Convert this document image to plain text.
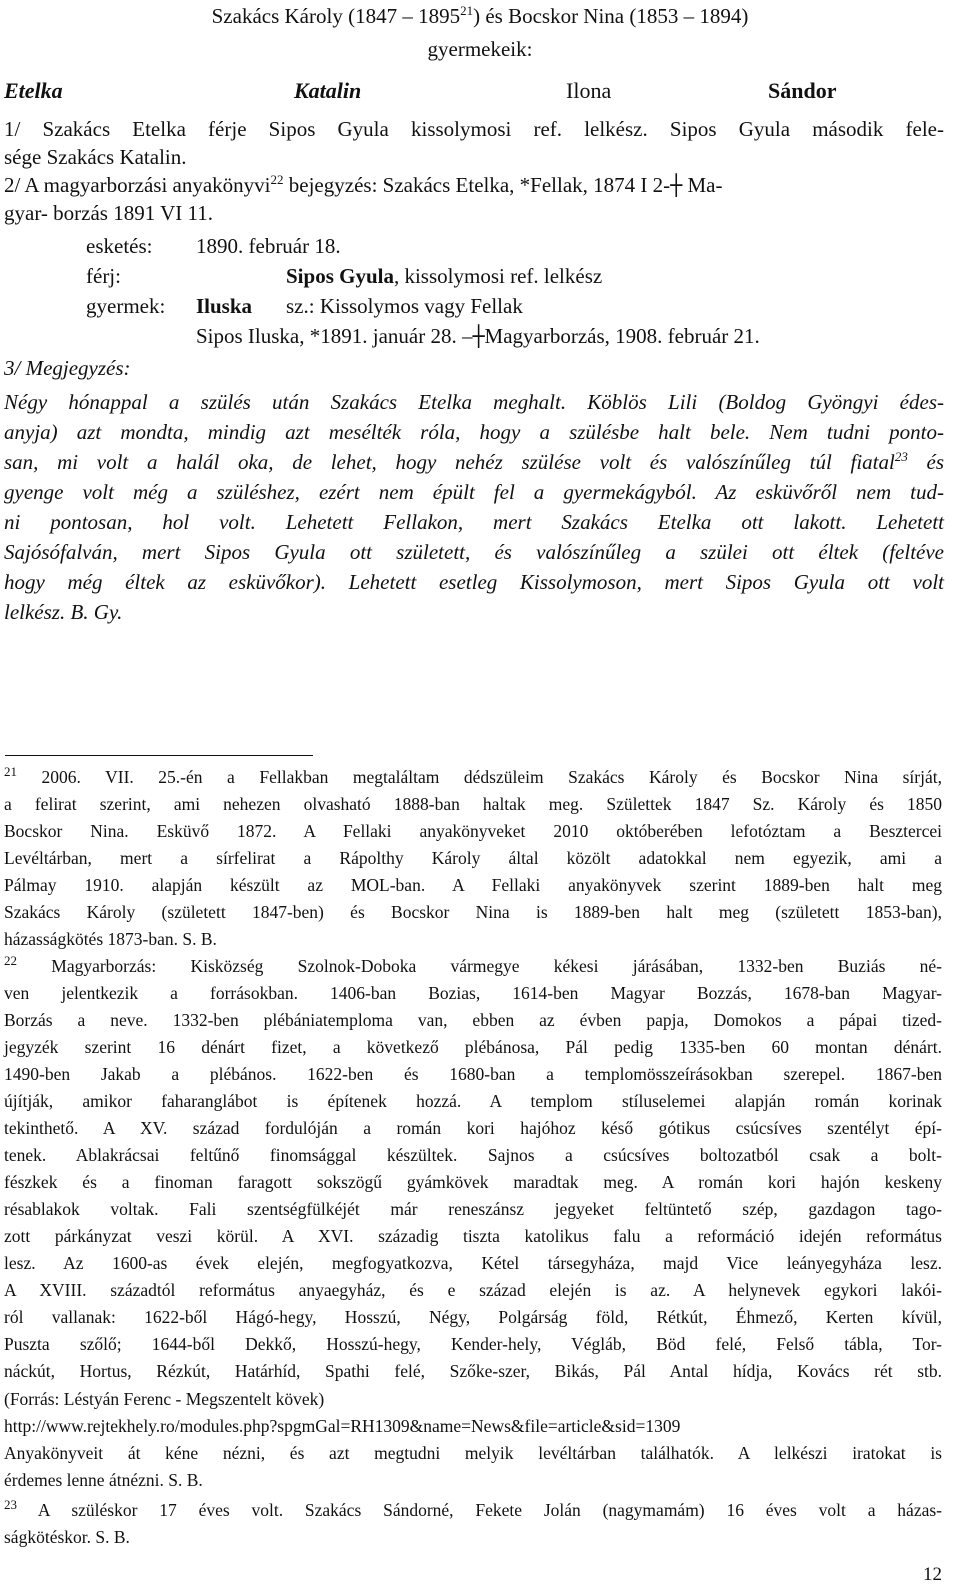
Szakács Károly (1847 – 1895$^{21}$) és Bocskor Nina (1853 – 1894)
gyermekeik:
Etelka	Katalin	Ilona	Sándor
1/ Szakács Etelka férje Sipos Gyula kissolymosi ref. lelkész. Sipos Gyula második fele-
sége Szakács Katalin.
2/ A magyarborzási anyakönyvi$^{22}$ bejegyzés: Szakács Etelka, *Fellak, 1874 I 2-┼ Ma-
gyar- borzás 1891 VI 11.
esketés: 1890. február 18.
férj:	Sipos Gyula, kissolymosi ref. lelkész
gyermek: Iluska sz.: Kissolymos vagy Fellak
Sipos Iluska, *1891. január 28. –┼Magyarborzás, 1908. február 21.
3/ Megjegyzés:
Négy hónappal a szülés után Szakács Etelka meghalt. Köblös Lili (Boldog Gyöngyi édes-
anyja) azt mondta, mindig azt mesélték róla, hogy a szülésbe halt bele. Nem tudni ponto-
san, mi volt a halál oka, de lehet, hogy nehéz szülése volt és valószínűleg túl fiatal$^{23}$ és
gyenge volt még a szüléshez, ezért nem épült fel a gyermekágyból. Az esküvőről nem tud-
ni pontosan, hol volt. Lehetett Fellakon, mert Szakács Etelka ott lakott. Lehetett
Sajósófalván, mert Sipos Gyula ott született, és valószínűleg a szülei ott éltek (feltéve
hogy még éltek az esküvőkor). Lehetett esetleg Kissolymoson, mert Sipos Gyula ott volt
lelkész. B. Gy.
$^{21}$ 2006. VII. 25.-én a Fellakban megtaláltam dédszüleim Szakács Károly és Bocskor Nina sírját,
a felirat szerint, ami nehezen olvasható 1888-ban haltak meg. Születtek 1847 Sz. Károly és 1850
Bocskor Nina. Esküvő 1872. A Fellaki anyakönyveket 2010 októberében lefotóztam a Besztercei
Levéltárban, mert a sírfelirat a Rápolthy Károly által közölt adatokkal nem egyezik, ami a
Pálmay 1910. alapján készült az MOL-ban. A Fellaki anyakönyvek szerint 1889-ben halt meg
Szakács Károly (született 1847-ben) és Bocskor Nina is 1889-ben halt meg (született 1853-ban),
házasságkötés 1873-ban. S. B.
$^{22}$ Magyarborzás: Kisközség Szolnok-Doboka vármegye kékesi járásában, 1332-ben Buziás né-
ven jelentkezik a forrásokban. 1406-ban Bozias, 1614-ben Magyar Bozzás, 1678-ban Magyar-
Borzás a neve. 1332-ben plébániatemploma van, ebben az évben papja, Domokos a pápai tized-
jegyzék szerint 16 dénárt fizet, a következő plébánosa, Pál pedig 1335-ben 60 montan dénárt.
1490-ben Jakab a plébános. 1622-ben és 1680-ban a templomösszeírásokban szerepel. 1867-ben
újítják, amikor faharanglábot is építenek hozzá. A templom stíluselemei alapján román korinak
tekinthető. A XV. század fordulóján a román kori hajóhoz késő gótikus csúcsíves szentélyt épí-
tenek. Ablakrácsai feltűnő finomsággal készültek. Sajnos a csúcsíves boltozatból csak a bolt-
fészkek és a finoman faragott sokszögű gyámkövek maradtak meg. A román kori hajón keskeny
résablakok voltak. Fali szentségfülkéjét már reneszánsz jegyeket feltüntető szép, gazdagon tago-
zott párkányzat veszi körül. A XVI. századig tiszta katolikus falu a reformáció idején református
lesz. Az 1600-as évek elején, megfogyatkozva, Kétel társegyháza, majd Vice leányegyháza lesz.
A XVIII. századtól református anyaegyház, és e század elején is az. A helynevek egykori lakói-
ról vallanak: 1622-ből Hágó-hegy, Hosszú, Négy, Polgárság föld, Rétkút, Éhmező, Kerten kívül,
Puszta szőlő; 1644-ből Dekkő, Hosszú-hegy, Kender-hely, Végláb, Böd felé, Felső tábla, Tor-
náckút, Hortus, Rézkút, Határhíd, Spathi felé, Szőke-szer, Bikás, Pál Antal hídja, Kovács rét stb.
(Forrás: Léstyán Ferenc - Megszentelt kövek)
http://www.rejtekhely.ro/modules.php?spgmGal=RH1309&name=News&file=article&sid=1309
Anyakönyveit át kéne nézni, és azt megtudni melyik levéltárban találhatók. A lelkészi iratokat is
érdemes lenne átnézni. S. B.
$^{23}$ A szüléskor 17 éves volt. Szakács Sándorné, Fekete Jolán (nagymamám) 16 éves volt a házas-
ságkötéskor. S. B.
12
